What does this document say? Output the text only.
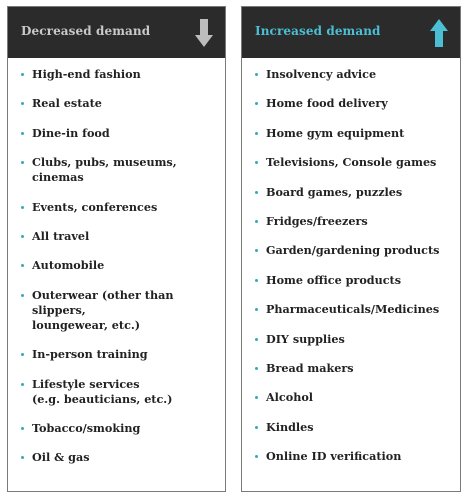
Decreased demand
High-end fashion
Real estate
Dine-in food
Clubs, pubs, museums, cinemas
Events, conferences
All travel
Automobile
Outerwear (other than slippers,
loungewear, etc.)
In-person training
Lifestyle services
(e.g. beauticians, etc.)
Tobacco/smoking
Oil & gas
Increased demand
Insolvency advice
Home food delivery
Home gym equipment
Televisions, Console games
Board games, puzzles
Fridges/freezers
Garden/gardening products
Home office products
Pharmaceuticals/Medicines
DIY supplies
Bread makers
Alcohol
Kindles
Online ID verification
